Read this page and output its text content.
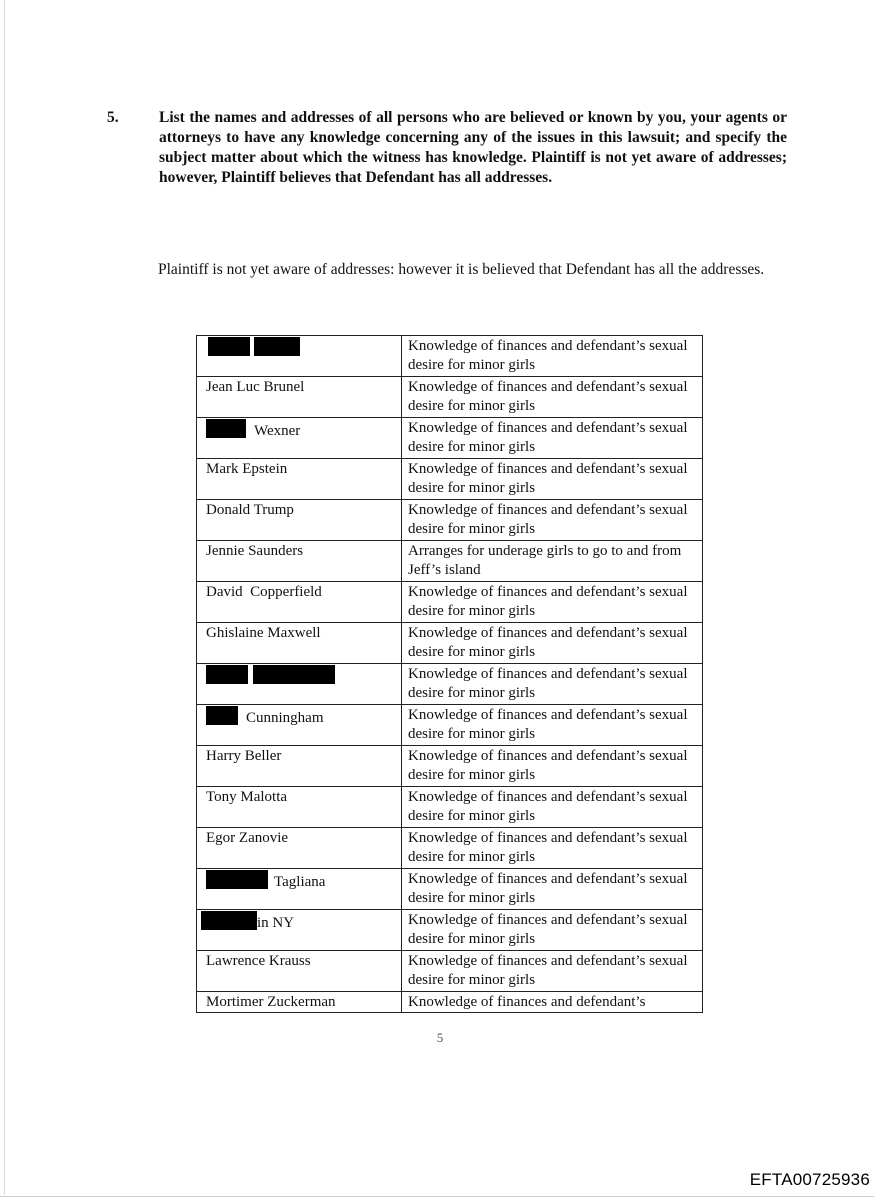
5.	List the names and addresses of all persons who are believed or known by you, your agents or attorneys to have any knowledge concerning any of the issues in this lawsuit; and specify the subject matter about which the witness has knowledge. Plaintiff is not yet aware of addresses; however, Plaintiff believes that Defendant has all addresses.
Plaintiff is not yet aware of addresses: however it is believed that Defendant has all the addresses.
	Knowledge of finances and defendant’s sexual desire for minor girls
Jean Luc Brunel	Knowledge of finances and defendant’s sexual desire for minor girls
Wexner	Knowledge of finances and defendant’s sexual desire for minor girls
Mark Epstein	Knowledge of finances and defendant’s sexual desire for minor girls
Donald Trump	Knowledge of finances and defendant’s sexual desire for minor girls
Jennie Saunders	Arranges for underage girls to go to and from Jeff’s island
David  Copperfield	Knowledge of finances and defendant’s sexual desire for minor girls
Ghislaine Maxwell	Knowledge of finances and defendant’s sexual desire for minor girls
	Knowledge of finances and defendant’s sexual desire for minor girls
Cunningham	Knowledge of finances and defendant’s sexual desire for minor girls
Harry Beller	Knowledge of finances and defendant’s sexual desire for minor girls
Tony Malotta	Knowledge of finances and defendant’s sexual desire for minor girls
Egor Zanovie	Knowledge of finances and defendant’s sexual desire for minor girls
Tagliana	Knowledge of finances and defendant’s sexual desire for minor girls
in NY	Knowledge of finances and defendant’s sexual desire for minor girls
Lawrence Krauss	Knowledge of finances and defendant’s sexual desire for minor girls
Mortimer Zuckerman	Knowledge of finances and defendant’s
5
EFTA00725936
